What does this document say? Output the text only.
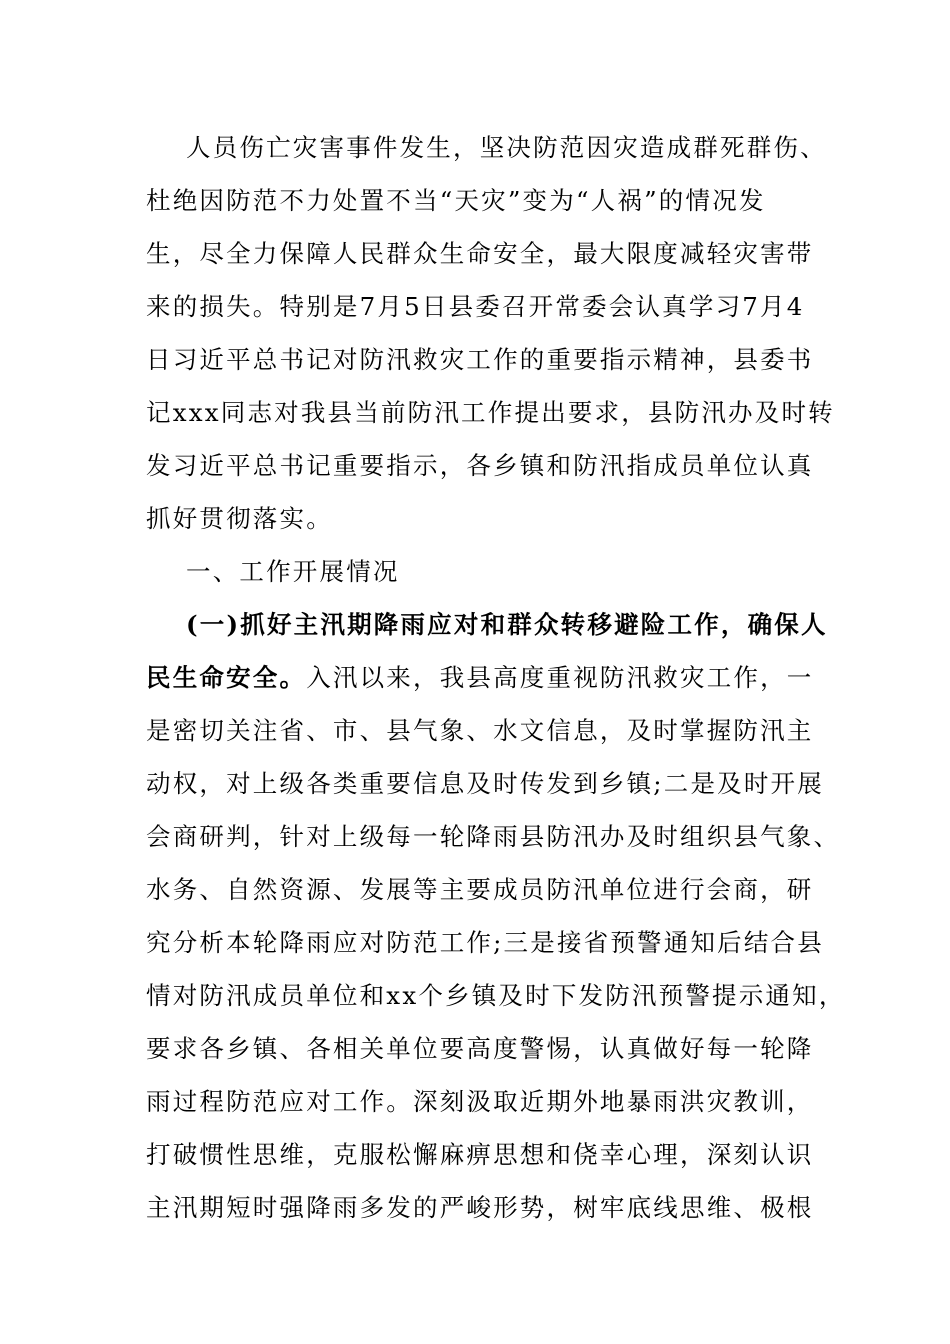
人员伤亡灾害事件发生，坚决防范因灾造成群死群伤、
杜绝因防范不力处置不当“天灾”变为“人祸”的情况发
生，尽全力保障人民群众生命安全，最大限度减轻灾害带
来的损失。特别是7月5日县委召开常委会认真学习7月4
日习近平总书记对防汛救灾工作的重要指示精神，县委书
记xxx同志对我县当前防汛工作提出要求，县防汛办及时转
发习近平总书记重要指示，各乡镇和防汛指成员单位认真
抓好贯彻落实。
一、工作开展情况
(一)抓好主汛期降雨应对和群众转移避险工作，确保人
民生命安全。入汛以来，我县高度重视防汛救灾工作，一
是密切关注省、市、县气象、水文信息，及时掌握防汛主
动权，对上级各类重要信息及时传发到乡镇;二是及时开展
会商研判，针对上级每一轮降雨县防汛办及时组织县气象、
水务、自然资源、发展等主要成员防汛单位进行会商，研
究分析本轮降雨应对防范工作;三是接省预警通知后结合县
情对防汛成员单位和xx个乡镇及时下发防汛预警提示通知，
要求各乡镇、各相关单位要高度警惕，认真做好每一轮降
雨过程防范应对工作。深刻汲取近期外地暴雨洪灾教训，
打破惯性思维，克服松懈麻痹思想和侥幸心理，深刻认识
主汛期短时强降雨多发的严峻形势，树牢底线思维、极根
